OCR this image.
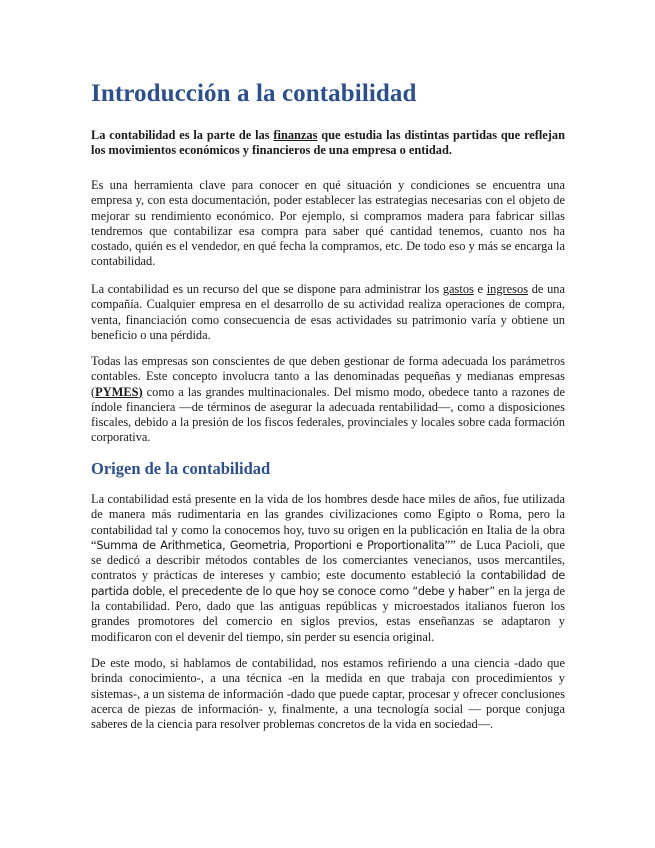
Introducción a la contabilidad

La contabilidad es la parte de las finanzas que estudia las distintas partidas que reflejan los movimientos económicos y financieros de una empresa o entidad.

Es una herramienta clave para conocer en qué situación y condiciones se encuentra una empresa y, con esta documentación, poder establecer las estrategias necesarias con el objeto de mejorar su rendimiento económico. Por ejemplo, si compramos madera para fabricar sillas tendremos que contabilizar esa compra para saber qué cantidad tenemos, cuanto nos ha costado, quién es el vendedor, en qué fecha la compramos, etc. De todo eso y más se encarga la contabilidad.

La contabilidad es un recurso del que se dispone para administrar los gastos e ingresos de una compañía. Cualquier empresa en el desarrollo de su actividad realiza operaciones de compra, venta, financiación como consecuencia de esas actividades su patrimonio varía y obtiene un beneficio o una pérdida.

Todas las empresas son conscientes de que deben gestionar de forma adecuada los parámetros contables. Este concepto involucra tanto a las denominadas pequeñas y medianas empresas (PYMES) como a las grandes multinacionales. Del mismo modo, obedece tanto a razones de índole financiera —de términos de asegurar la adecuada rentabilidad—, como a disposiciones fiscales, debido a la presión de los fiscos federales, provinciales y locales sobre cada formación corporativa.

Origen de la contabilidad

La contabilidad está presente en la vida de los hombres desde hace miles de años, fue utilizada de manera más rudimentaria en las grandes civilizaciones como Egipto o Roma, pero la contabilidad tal y como la conocemos hoy, tuvo su origen en la publicación en Italia de la obra “Summa de Arithmetica, Geometria, Proportioni e Proportionalita”” de Luca Pacioli, que se dedicó a describir métodos contables de los comerciantes venecianos, usos mercantiles, contratos y prácticas de intereses y cambio; este documento estableció la contabilidad de partida doble, el precedente de lo que hoy se conoce como “debe y haber” en la jerga de la contabilidad. Pero, dado que las antiguas repúblicas y microestados italianos fueron los grandes promotores del comercio en siglos previos, estas enseñanzas se adaptaron y modificaron con el devenir del tiempo, sin perder su esencia original.

De este modo, si hablamos de contabilidad, nos estamos refiriendo a una ciencia -dado que brinda conocimiento-, a una técnica -en la medida en que trabaja con procedimientos y sistemas-, a un sistema de información -dado que puede captar, procesar y ofrecer conclusiones acerca de piezas de información- y, finalmente, a una tecnología social — porque conjuga saberes de la ciencia para resolver problemas concretos de la vida en sociedad—.
